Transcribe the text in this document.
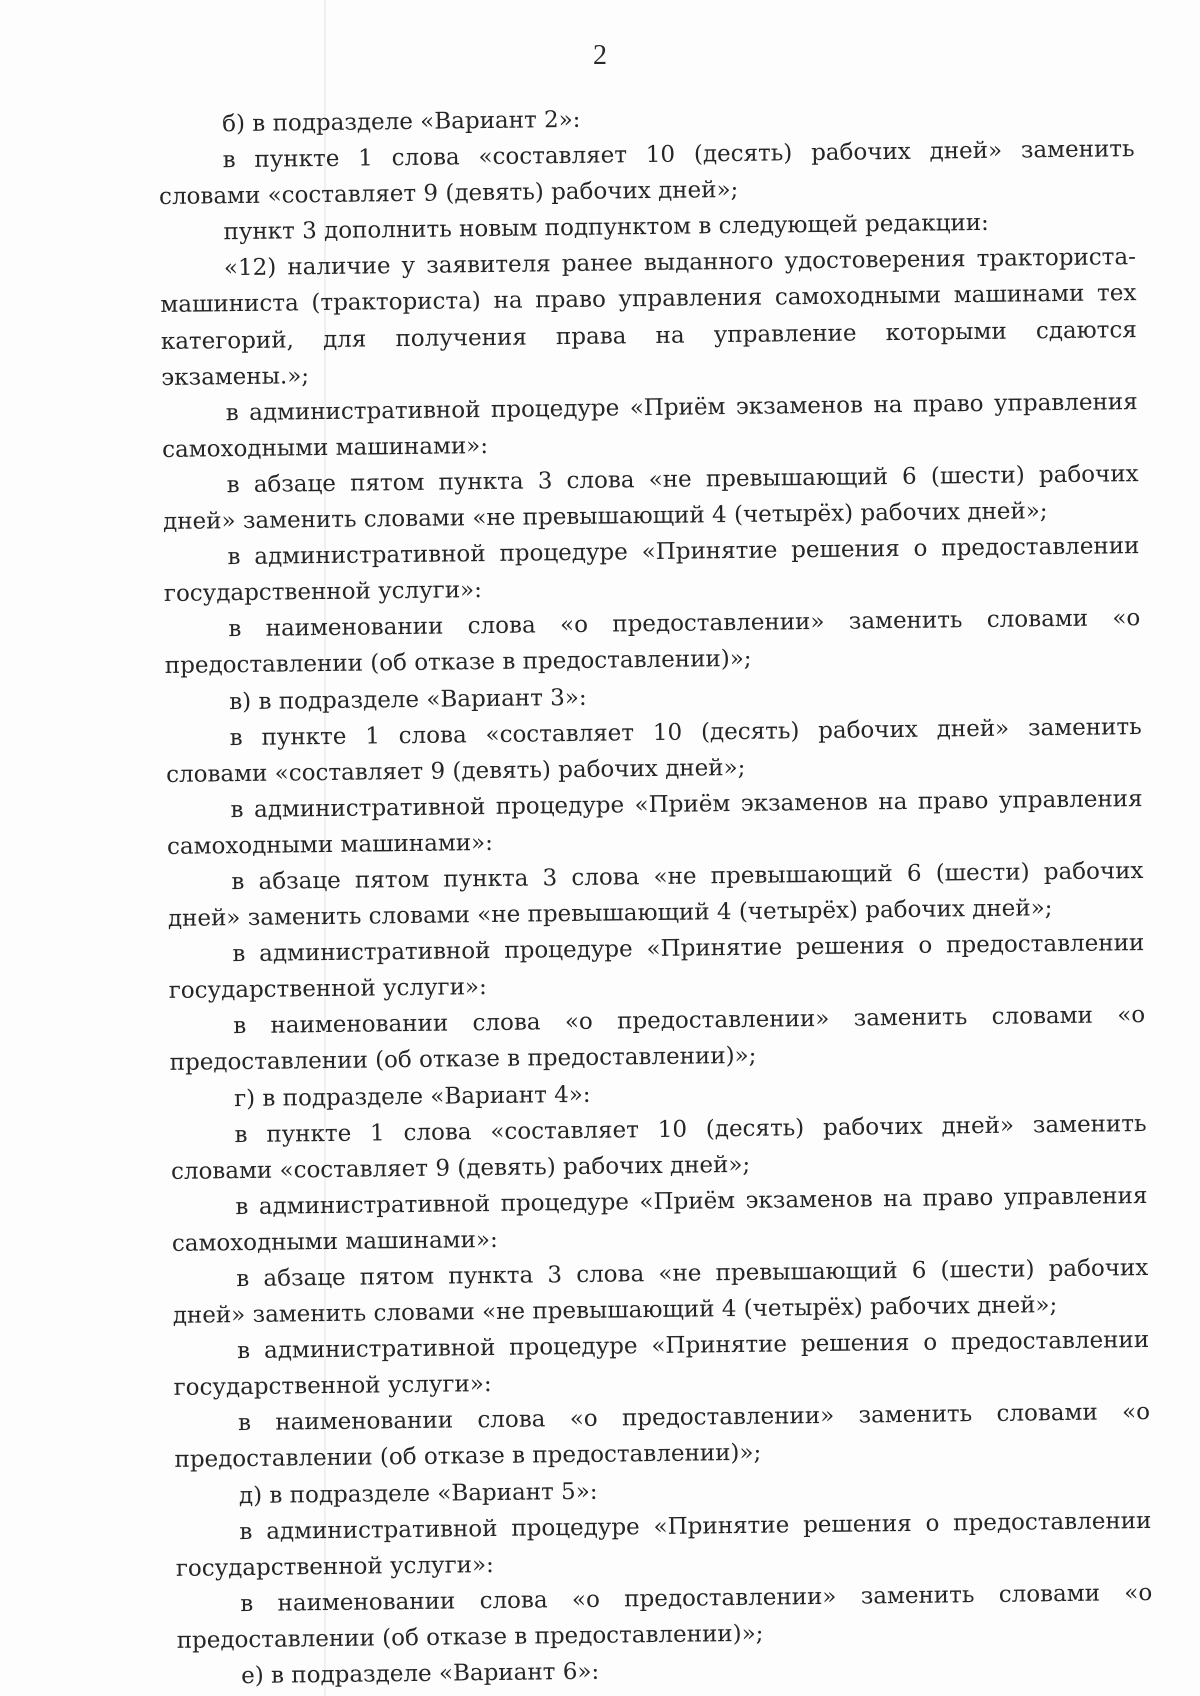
2

б) в подразделе «Вариант 2»:

в пункте 1 слова «составляет 10 (десять) рабочих дней» заменить словами «составляет 9 (девять) рабочих дней»;

пункт 3 дополнить новым подпунктом в следующей редакции:

«12) наличие у заявителя ранее выданного удостоверения тракториста-машиниста (тракториста) на право управления самоходными машинами тех категорий, для получения права на управление которыми сдаются экзамены.»;

в административной процедуре «Приём экзаменов на право управления самоходными машинами»:

в абзаце пятом пункта 3 слова «не превышающий 6 (шести) рабочих дней» заменить словами «не превышающий 4 (четырёх) рабочих дней»;

в административной процедуре «Принятие решения о предоставлении государственной услуги»:

в наименовании слова «о предоставлении» заменить словами «о предоставлении (об отказе в предоставлении)»;

в) в подразделе «Вариант 3»:

в пункте 1 слова «составляет 10 (десять) рабочих дней» заменить словами «составляет 9 (девять) рабочих дней»;

в административной процедуре «Приём экзаменов на право управления самоходными машинами»:

в абзаце пятом пункта 3 слова «не превышающий 6 (шести) рабочих дней» заменить словами «не превышающий 4 (четырёх) рабочих дней»;

в административной процедуре «Принятие решения о предоставлении государственной услуги»:

в наименовании слова «о предоставлении» заменить словами «о предоставлении (об отказе в предоставлении)»;

г) в подразделе «Вариант 4»:

в пункте 1 слова «составляет 10 (десять) рабочих дней» заменить словами «составляет 9 (девять) рабочих дней»;

в административной процедуре «Приём экзаменов на право управления самоходными машинами»:

в абзаце пятом пункта 3 слова «не превышающий 6 (шести) рабочих дней» заменить словами «не превышающий 4 (четырёх) рабочих дней»;

в административной процедуре «Принятие решения о предоставлении государственной услуги»:

в наименовании слова «о предоставлении» заменить словами «о предоставлении (об отказе в предоставлении)»;

д) в подразделе «Вариант 5»:

в административной процедуре «Принятие решения о предоставлении государственной услуги»:

в наименовании слова «о предоставлении» заменить словами «о предоставлении (об отказе в предоставлении)»;

е) в подразделе «Вариант 6»:
